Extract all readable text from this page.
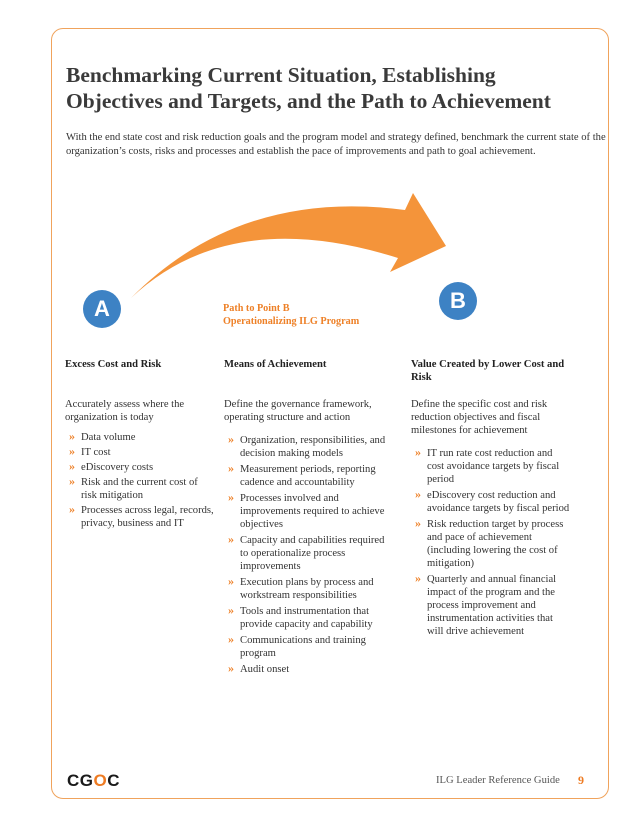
Benchmarking Current Situation, Establishing
Objectives and Targets, and the Path to Achievement

With the end state cost and risk reduction goals and the program model and strategy defined, benchmark the current state of the organization’s costs, risks and processes and establish the pace of improvements and path to goal achievement.

A	B

Path to Point B
Operationalizing ILG Program

Excess Cost and Risk

Accurately assess where the organization is today

» Data volume
» IT cost
» eDiscovery costs
» Risk and the current cost of risk mitigation
» Processes across legal, records, privacy, business and IT

Means of Achievement

Define the governance framework, operating structure and action

» Organization, responsibilities, and decision making models
» Measurement periods, reporting cadence and accountability
» Processes involved and improvements required to achieve objectives
» Capacity and capabilities required to operationalize process improvements
» Execution plans by process and workstream responsibilities
» Tools and instrumentation that provide capacity and capability
» Communications and training program
» Audit onset

Value Created by Lower Cost and Risk

Define the specific cost and risk reduction objectives and fiscal milestones for achievement

» IT run rate cost reduction and cost avoidance targets by fiscal period
» eDiscovery cost reduction and avoidance targets by fiscal period
» Risk reduction target by process and pace of achievement (including lowering the cost of mitigation)
» Quarterly and annual financial impact of the program and the process improvement and instrumentation activities that will drive achievement
CGOC	ILG Leader Reference Guide 9
